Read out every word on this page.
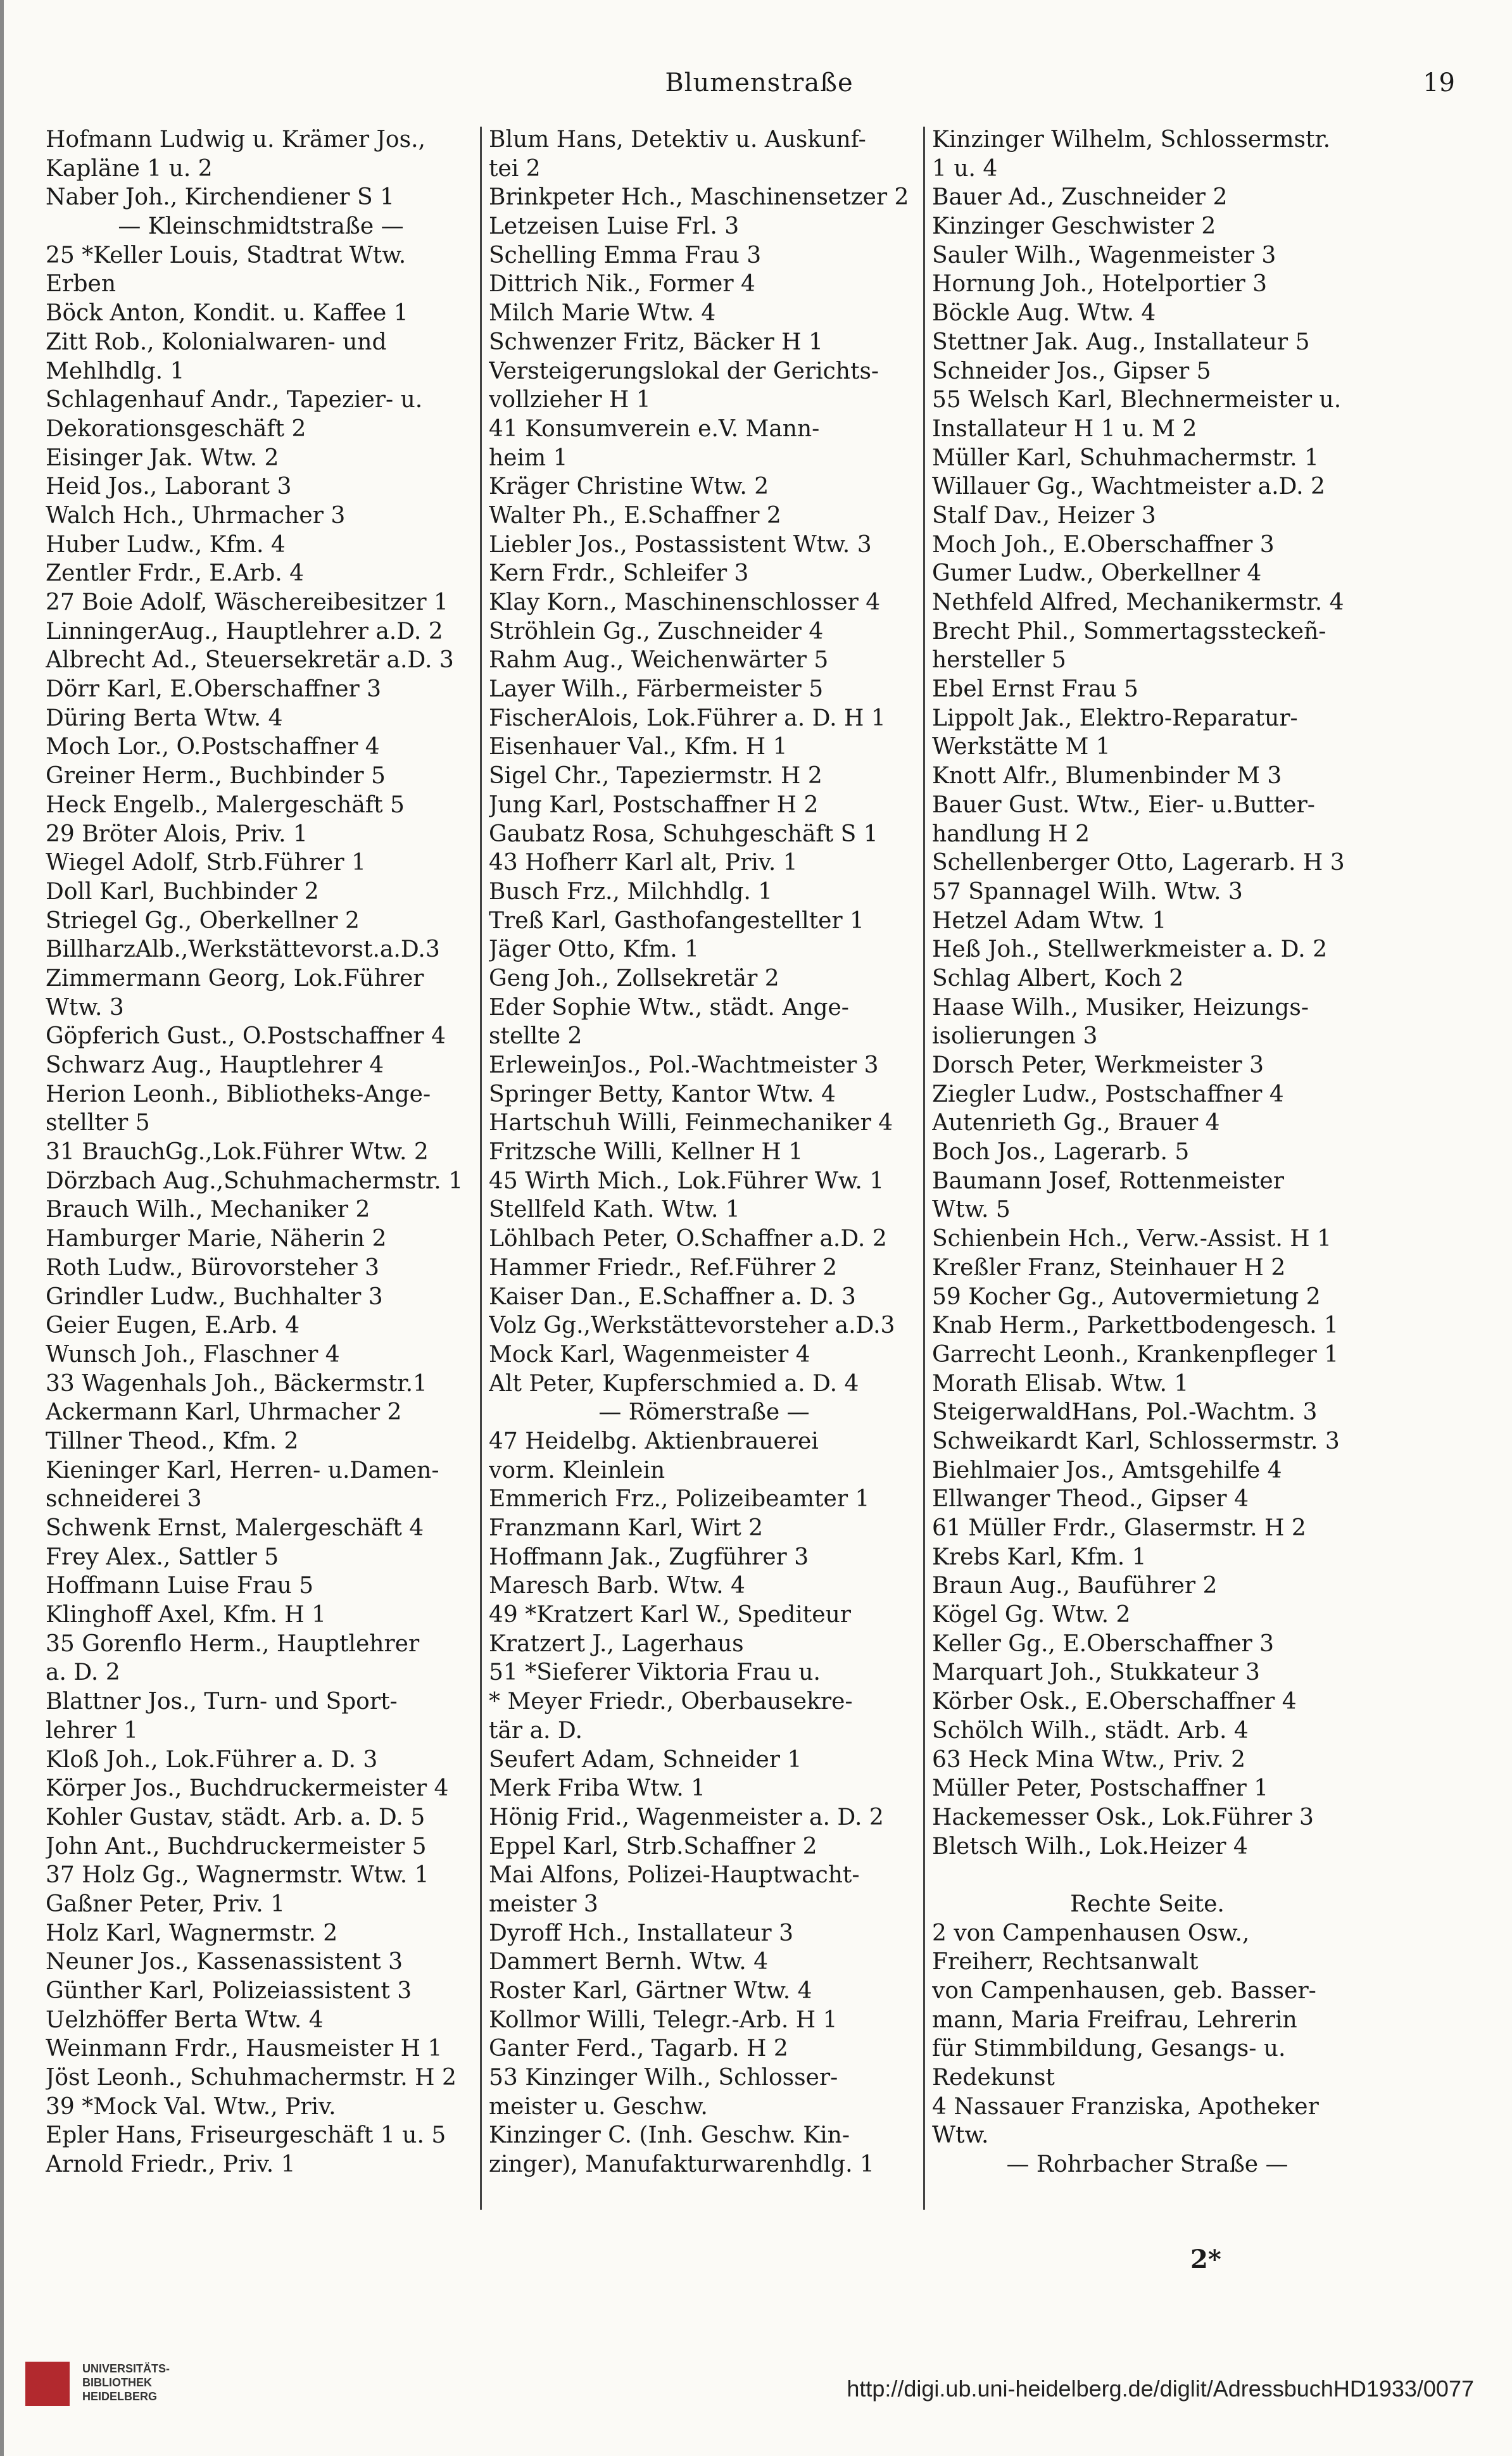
Blumenstraße	19
Hofmann Ludwig u. Krämer Jos.,
Kapläne 1 u. 2
Naber Joh., Kirchendiener S 1
— Kleinschmidtstraße —
25 *Keller Louis, Stadtrat Wtw.
Erben
Böck Anton, Kondit. u. Kaffee 1
Zitt Rob., Kolonialwaren- und
Mehlhdlg. 1
Schlagenhauf Andr., Tapezier- u.
Dekorationsgeschäft 2
Eisinger Jak. Wtw. 2
Heid Jos., Laborant 3
Walch Hch., Uhrmacher 3
Huber Ludw., Kfm. 4
Zentler Frdr., E.Arb. 4
27 Boie Adolf, Wäschereibesitzer 1
LinningerAug., Hauptlehrer a.D. 2
Albrecht Ad., Steuersekretär a.D. 3
Dörr Karl, E.Oberschaffner 3
Düring Berta Wtw. 4
Moch Lor., O.Postschaffner 4
Greiner Herm., Buchbinder 5
Heck Engelb., Malergeschäft 5
29 Bröter Alois, Priv. 1
Wiegel Adolf, Strb.Führer 1
Doll Karl, Buchbinder 2
Striegel Gg., Oberkellner 2
BillharzAlb.,Werkstättevorst.a.D.3
Zimmermann Georg, Lok.Führer
Wtw. 3
Göpferich Gust., O.Postschaffner 4
Schwarz Aug., Hauptlehrer 4
Herion Leonh., Bibliotheks-Ange-
stellter 5
31 BrauchGg.,Lok.Führer Wtw. 2
Dörzbach Aug.,Schuhmachermstr. 1
Brauch Wilh., Mechaniker 2
Hamburger Marie, Näherin 2
Roth Ludw., Bürovorsteher 3
Grindler Ludw., Buchhalter 3
Geier Eugen, E.Arb. 4
Wunsch Joh., Flaschner 4
33 Wagenhals Joh., Bäckermstr.1
Ackermann Karl, Uhrmacher 2
Tillner Theod., Kfm. 2
Kieninger Karl, Herren- u.Damen-
schneiderei 3
Schwenk Ernst, Malergeschäft 4
Frey Alex., Sattler 5
Hoffmann Luise Frau 5
Klinghoff Axel, Kfm. H 1
35 Gorenflo Herm., Hauptlehrer
a. D. 2
Blattner Jos., Turn- und Sport-
lehrer 1
Kloß Joh., Lok.Führer a. D. 3
Körper Jos., Buchdruckermeister 4
Kohler Gustav, städt. Arb. a. D. 5
John Ant., Buchdruckermeister 5
37 Holz Gg., Wagnermstr. Wtw. 1
Gaßner Peter, Priv. 1
Holz Karl, Wagnermstr. 2
Neuner Jos., Kassenassistent 3
Günther Karl, Polizeiassistent 3
Uelzhöffer Berta Wtw. 4
Weinmann Frdr., Hausmeister H 1
Jöst Leonh., Schuhmachermstr. H 2
39 *Mock Val. Wtw., Priv.
Epler Hans, Friseurgeschäft 1 u. 5
Arnold Friedr., Priv. 1
Blum Hans, Detektiv u. Auskunf-
tei 2
Brinkpeter Hch., Maschinensetzer 2
Letzeisen Luise Frl. 3
Schelling Emma Frau 3
Dittrich Nik., Former 4
Milch Marie Wtw. 4
Schwenzer Fritz, Bäcker H 1
Versteigerungslokal der Gerichts-
vollzieher H 1
41 Konsumverein e.V. Mann-
heim 1
Kräger Christine Wtw. 2
Walter Ph., E.Schaffner 2
Liebler Jos., Postassistent Wtw. 3
Kern Frdr., Schleifer 3
Klay Korn., Maschinenschlosser 4
Ströhlein Gg., Zuschneider 4
Rahm Aug., Weichenwärter 5
Layer Wilh., Färbermeister 5
FischerAlois, Lok.Führer a. D. H 1
Eisenhauer Val., Kfm. H 1
Sigel Chr., Tapeziermstr. H 2
Jung Karl, Postschaffner H 2
Gaubatz Rosa, Schuhgeschäft S 1
43 Hofherr Karl alt, Priv. 1
Busch Frz., Milchhdlg. 1
Treß Karl, Gasthofangestellter 1
Jäger Otto, Kfm. 1
Geng Joh., Zollsekretär 2
Eder Sophie Wtw., städt. Ange-
stellte 2
ErleweinJos., Pol.-Wachtmeister 3
Springer Betty, Kantor Wtw. 4
Hartschuh Willi, Feinmechaniker 4
Fritzsche Willi, Kellner H 1
45 Wirth Mich., Lok.Führer Ww. 1
Stellfeld Kath. Wtw. 1
Löhlbach Peter, O.Schaffner a.D. 2
Hammer Friedr., Ref.Führer 2
Kaiser Dan., E.Schaffner a. D. 3
Volz Gg.,Werkstättevorsteher a.D.3
Mock Karl, Wagenmeister 4
Alt Peter, Kupferschmied a. D. 4
— Römerstraße —
47 Heidelbg. Aktienbrauerei
vorm. Kleinlein
Emmerich Frz., Polizeibeamter 1
Franzmann Karl, Wirt 2
Hoffmann Jak., Zugführer 3
Maresch Barb. Wtw. 4
49 *Kratzert Karl W., Spediteur
Kratzert J., Lagerhaus
51 *Sieferer Viktoria Frau u.
* Meyer Friedr., Oberbausekre-
tär a. D.
Seufert Adam, Schneider 1
Merk Friba Wtw. 1
Hönig Frid., Wagenmeister a. D. 2
Eppel Karl, Strb.Schaffner 2
Mai Alfons, Polizei-Hauptwacht-
meister 3
Dyroff Hch., Installateur 3
Dammert Bernh. Wtw. 4
Roster Karl, Gärtner Wtw. 4
Kollmor Willi, Telegr.-Arb. H 1
Ganter Ferd., Tagarb. H 2
53 Kinzinger Wilh., Schlosser-
meister u. Geschw.
Kinzinger C. (Inh. Geschw. Kin-
zinger), Manufakturwarenhdlg. 1
Kinzinger Wilhelm, Schlossermstr.
1 u. 4
Bauer Ad., Zuschneider 2
Kinzinger Geschwister 2
Sauler Wilh., Wagenmeister 3
Hornung Joh., Hotelportier 3
Böckle Aug. Wtw. 4
Stettner Jak. Aug., Installateur 5
Schneider Jos., Gipser 5
55 Welsch Karl, Blechnermeister u.
Installateur H 1 u. M 2
Müller Karl, Schuhmachermstr. 1
Willauer Gg., Wachtmeister a.D. 2
Stalf Dav., Heizer 3
Moch Joh., E.Oberschaffner 3
Gumer Ludw., Oberkellner 4
Nethfeld Alfred, Mechanikermstr. 4
Brecht Phil., Sommertagssteckeñ-
hersteller 5
Ebel Ernst Frau 5
Lippolt Jak., Elektro-Reparatur-
Werkstätte M 1
Knott Alfr., Blumenbinder M 3
Bauer Gust. Wtw., Eier- u.Butter-
handlung H 2
Schellenberger Otto, Lagerarb. H 3
57 Spannagel Wilh. Wtw. 3
Hetzel Adam Wtw. 1
Heß Joh., Stellwerkmeister a. D. 2
Schlag Albert, Koch 2
Haase Wilh., Musiker, Heizungs-
isolierungen 3
Dorsch Peter, Werkmeister 3
Ziegler Ludw., Postschaffner 4
Autenrieth Gg., Brauer 4
Boch Jos., Lagerarb. 5
Baumann Josef, Rottenmeister
Wtw. 5
Schienbein Hch., Verw.-Assist. H 1
Kreßler Franz, Steinhauer H 2
59 Kocher Gg., Autovermietung 2
Knab Herm., Parkettbodengesch. 1
Garrecht Leonh., Krankenpfleger 1
Morath Elisab. Wtw. 1
SteigerwaldHans, Pol.-Wachtm. 3
Schweikardt Karl, Schlossermstr. 3
Biehlmaier Jos., Amtsgehilfe 4
Ellwanger Theod., Gipser 4
61 Müller Frdr., Glasermstr. H 2
Krebs Karl, Kfm. 1
Braun Aug., Bauführer 2
Kögel Gg. Wtw. 2
Keller Gg., E.Oberschaffner 3
Marquart Joh., Stukkateur 3
Körber Osk., E.Oberschaffner 4
Schölch Wilh., städt. Arb. 4
63 Heck Mina Wtw., Priv. 2
Müller Peter, Postschaffner 1
Hackemesser Osk., Lok.Führer 3
Bletsch Wilh., Lok.Heizer 4
Rechte Seite.
2 von Campenhausen Osw.,
Freiherr, Rechtsanwalt
von Campenhausen, geb. Basser-
mann, Maria Freifrau, Lehrerin
für Stimmbildung, Gesangs- u.
Redekunst
4 Nassauer Franziska, Apotheker
Wtw.
— Rohrbacher Straße —
2*
UNIVERSITÄTS-
BIBLIOTHEK
HEIDELBERG	http://digi.ub.uni-heidelberg.de/diglit/AdressbuchHD1933/0077
